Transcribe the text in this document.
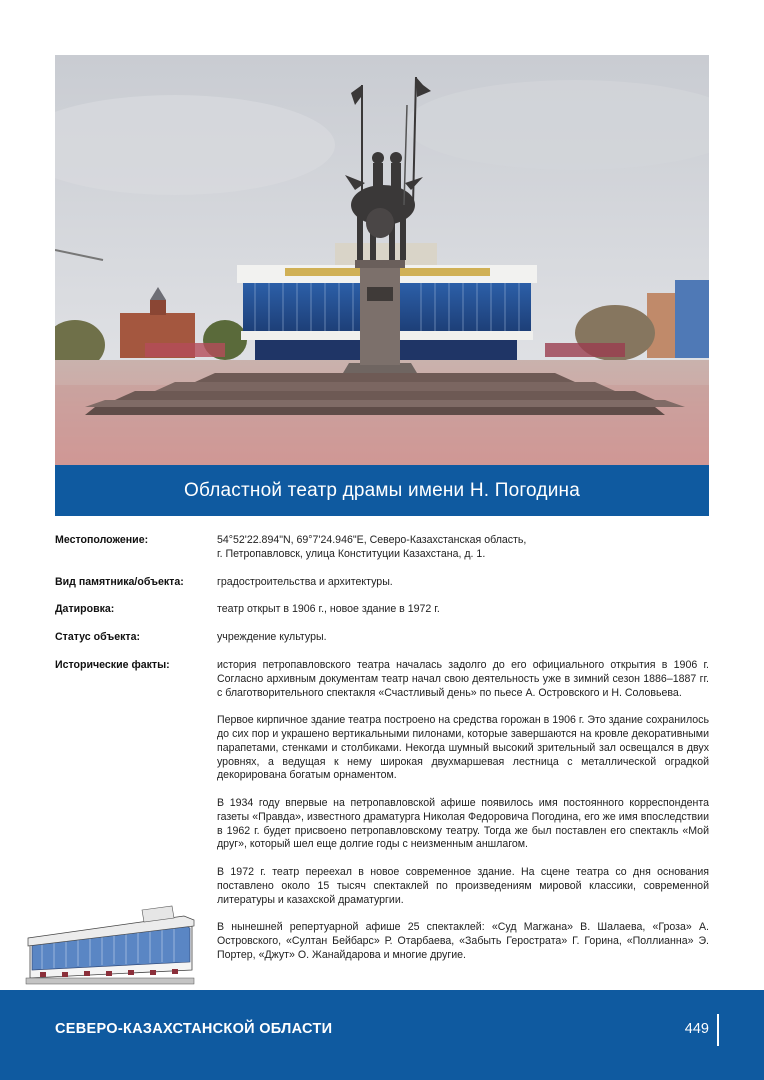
Областной театр драмы имени Н. Погодина
Местоположение:	54°52'22.894"N, 69°7'24.946"E, Северо-Казахстанская область,
г. Петропавловск, улица Конституции Казахстана, д. 1.
Вид памятника/объекта:	градостроительства и архитектуры.
Датировка:	театр открыт в 1906 г., новое здание в 1972 г.
Статус объекта:	учреждение культуры.
Исторические факты:	история петропавловского театра началась задолго до его официального открытия в 1906 г. Согласно архивным документам театр начал свою деятельность уже в зимний сезон 1886–1887 гг. с благотворительного спектакля «Счастливый день» по пьесе А. Островского и Н. Соловьева.

Первое кирпичное здание театра построено на средства горожан в 1906 г. Это здание сохранилось до сих пор и украшено вертикальными пилонами, которые завершаются на кровле декоративными парапетами, стенками и столбиками. Некогда шумный высокий зрительный зал освещался в двух уровнях, а ведущая к нему широкая двухмаршевая лестница с металлической оградкой декорирована богатым орнаментом.

В 1934 году впервые на петропавловской афише появилось имя постоянного корреспондента газеты «Правда», известного драматурга Николая Федоровича Погодина, его же имя впоследствии в 1962 г. будет присвоено петропавловскому театру. Тогда же был поставлен его спектакль «Мой друг», который шел еще долгие годы с неизменным аншлагом.

В 1972 г. театр переехал в новое современное здание. На сцене театра со дня основания поставлено около 15 тысяч спектаклей по произведениям мировой классики, современной литературы и казахской драматургии.

В нынешней репертуарной афише 25 спектаклей: «Суд Магжана» В. Шалаева, «Гроза» А. Островского, «Султан Бейбарс» Р. Отарбаева, «Забыть Герострата» Г. Горина, «Поллианна» Э. Портер, «Джут» О. Жанайдарова и многие другие.

СЕВЕРО-КАЗАХСТАНСКОЙ ОБЛАСТИ	449
